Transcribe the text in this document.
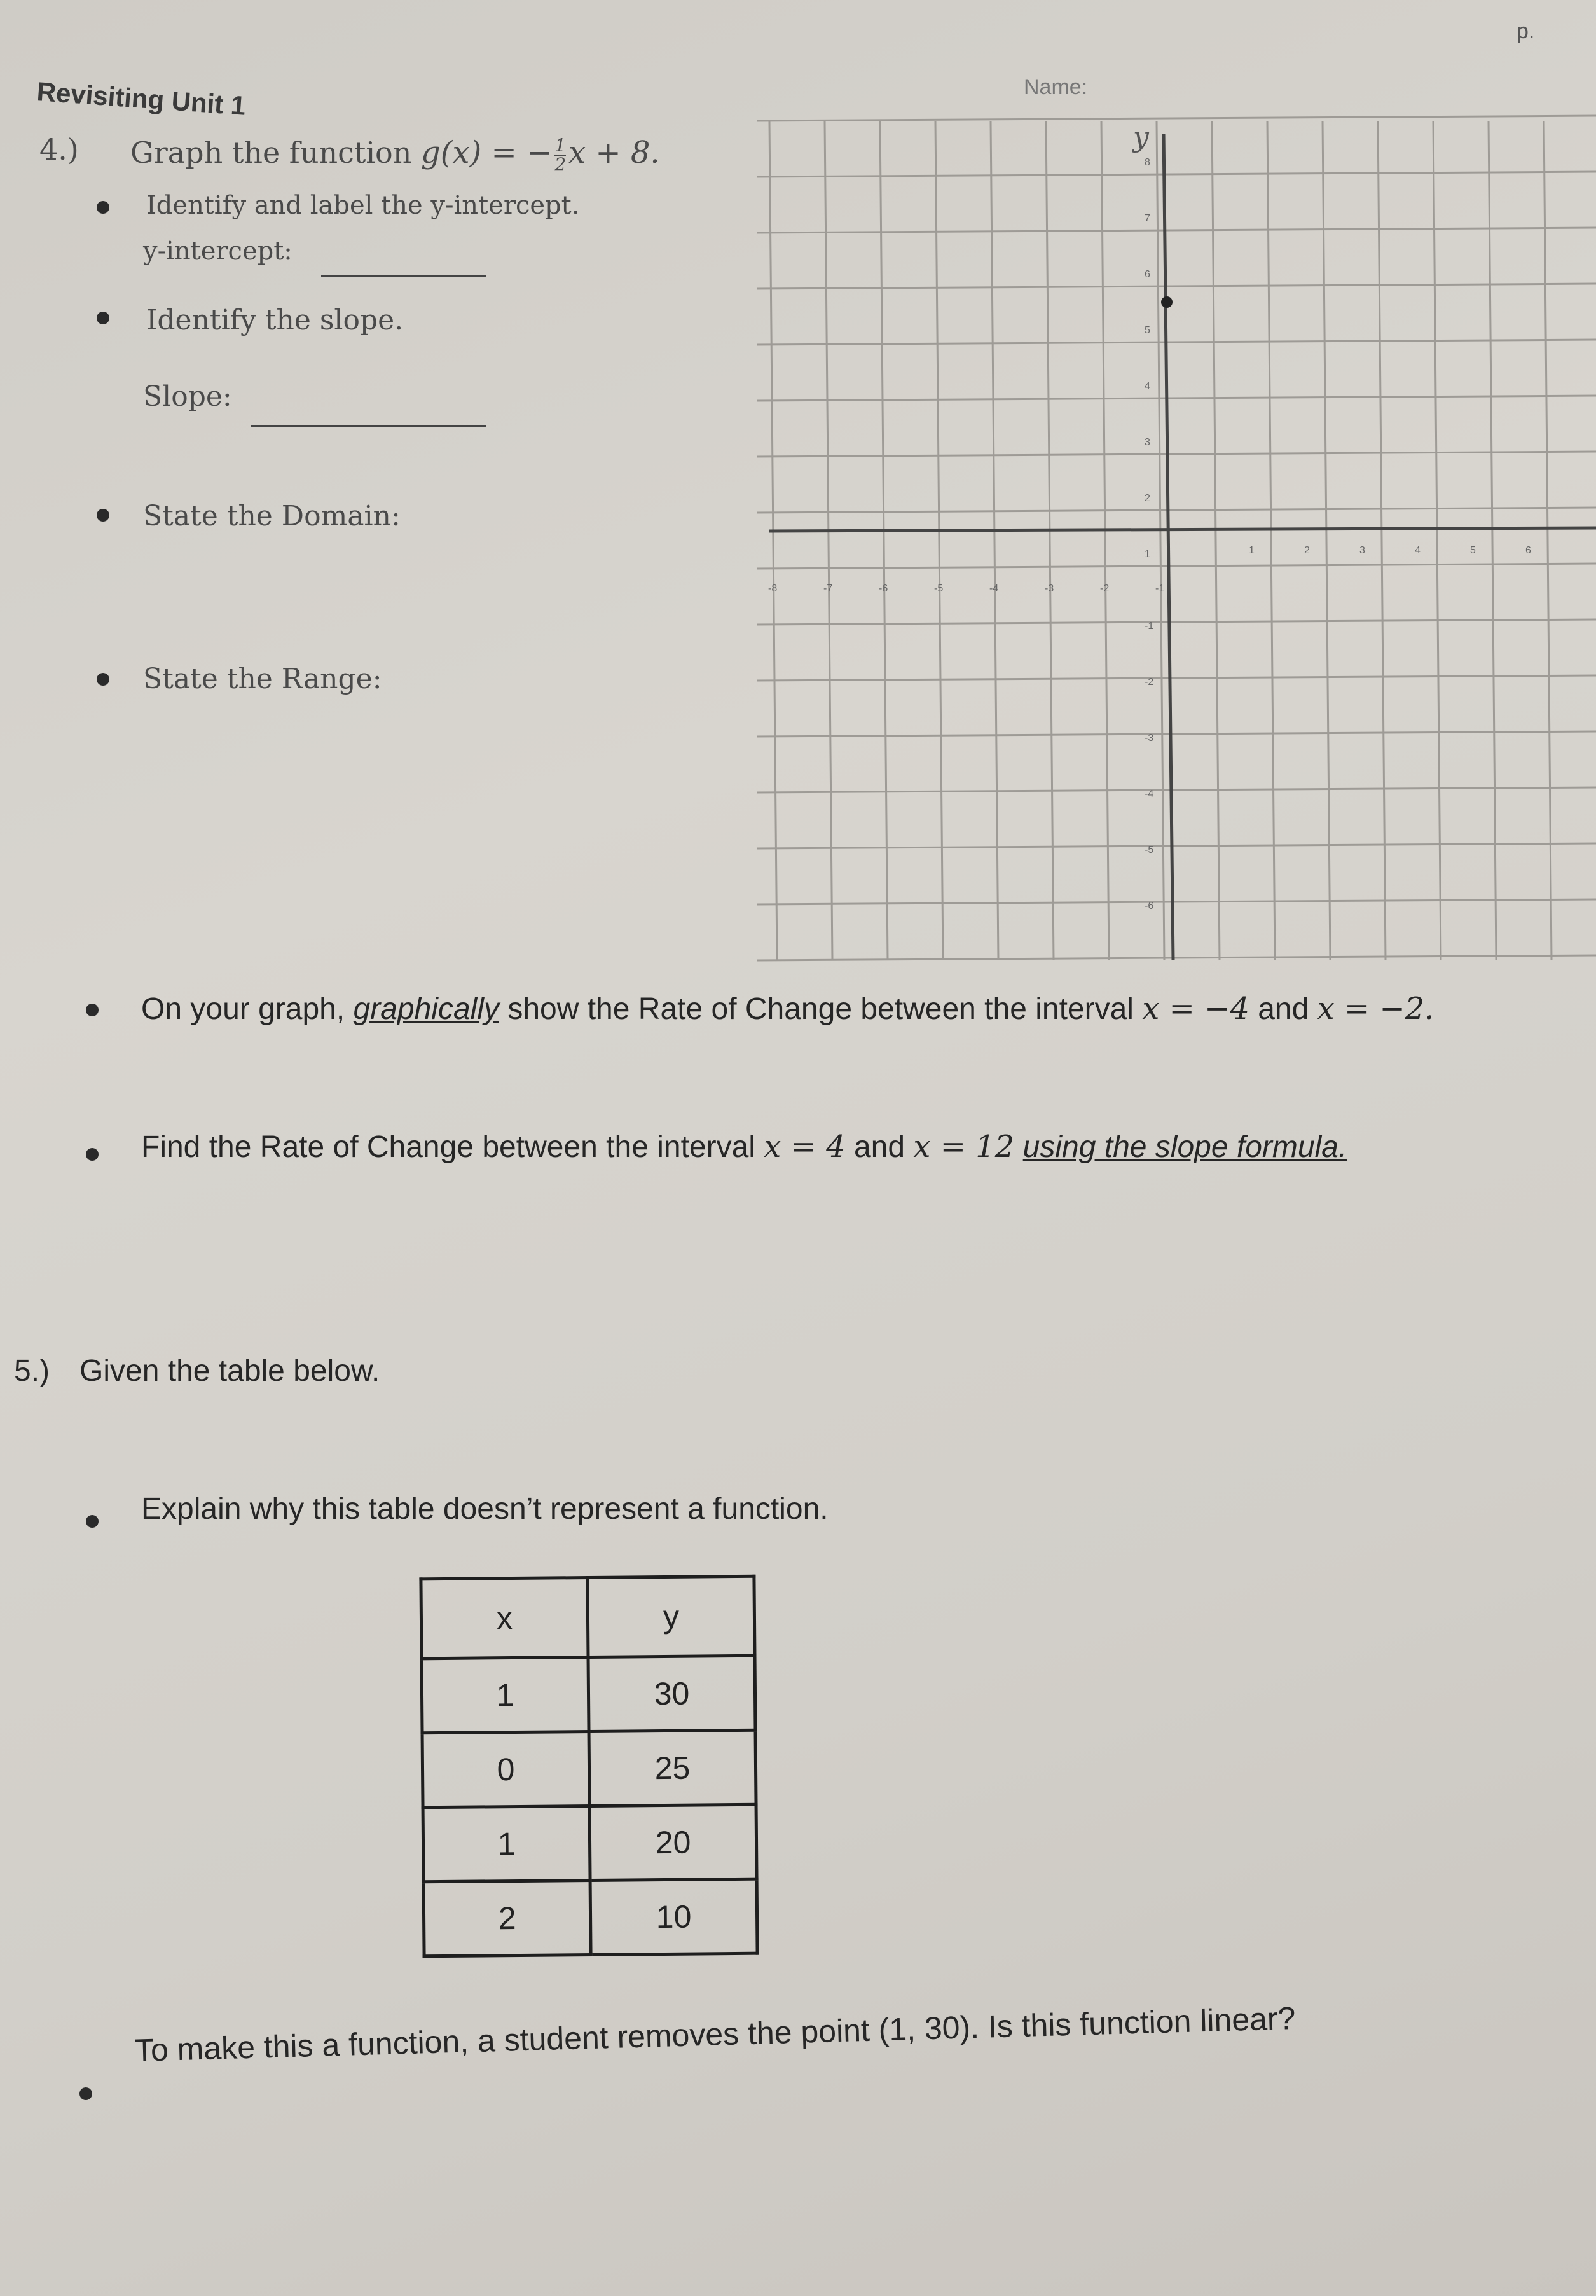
p.
Revisiting Unit 1	Name:
4.) Graph the function g(x) = − $\frac{1}{2}$ x + 8.
Identify and label the y-intercept.
y-intercept:
Identify the slope.
Slope:
State the Domain:
State the Range:
y
-8	-7	-6	-5	-4	-3	-2	-1
1	2	3	4	5	6
8
7
6
5
4
3
2
1
-1
-2
-3
-4
-5
-6
On your graph, graphically show the Rate of Change between the interval x = −4 and x = −2.
Find the Rate of Change between the interval x = 4 and x = 12 using the slope formula.
5.) Given the table below.
Explain why this table doesn’t represent a function.
x	y
1	30
0	25
1	20
2	10
To make this a function, a student removes the point (1, 30). Is this function linear?
